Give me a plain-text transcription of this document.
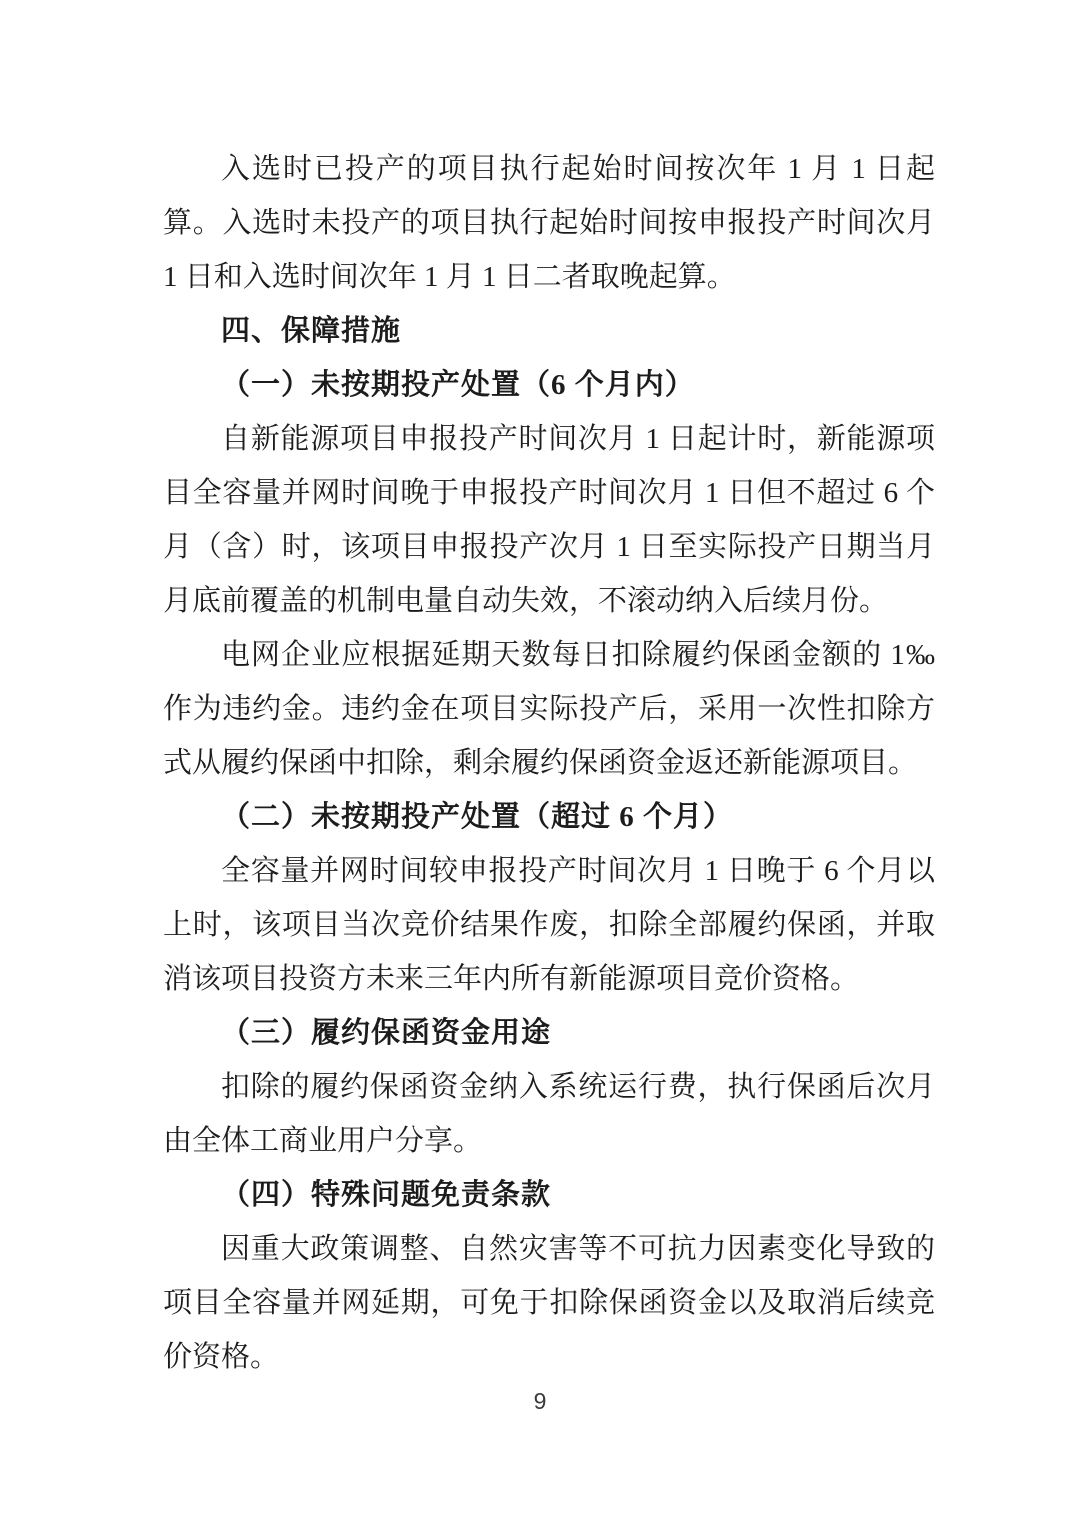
入选时已投产的项目执行起始时间按次年 1 月 1 日起算。入选时未投产的项目执行起始时间按申报投产时间次月 1 日和入选时间次年 1 月 1 日二者取晚起算。

四、保障措施
（一）未按期投产处置（6 个月内）

自新能源项目申报投产时间次月 1 日起计时，新能源项目全容量并网时间晚于申报投产时间次月 1 日但不超过 6 个月（含）时，该项目申报投产次月 1 日至实际投产日期当月月底前覆盖的机制电量自动失效，不滚动纳入后续月份。

电网企业应根据延期天数每日扣除履约保函金额的 1‰作为违约金。违约金在项目实际投产后，采用一次性扣除方式从履约保函中扣除，剩余履约保函资金返还新能源项目。

（二）未按期投产处置（超过 6 个月）

全容量并网时间较申报投产时间次月 1 日晚于 6 个月以上时，该项目当次竞价结果作废，扣除全部履约保函，并取消该项目投资方未来三年内所有新能源项目竞价资格。

（三）履约保函资金用途

扣除的履约保函资金纳入系统运行费，执行保函后次月由全体工商业用户分享。

（四）特殊问题免责条款

因重大政策调整、自然灾害等不可抗力因素变化导致的项目全容量并网延期，可免于扣除保函资金以及取消后续竞价资格。

9
